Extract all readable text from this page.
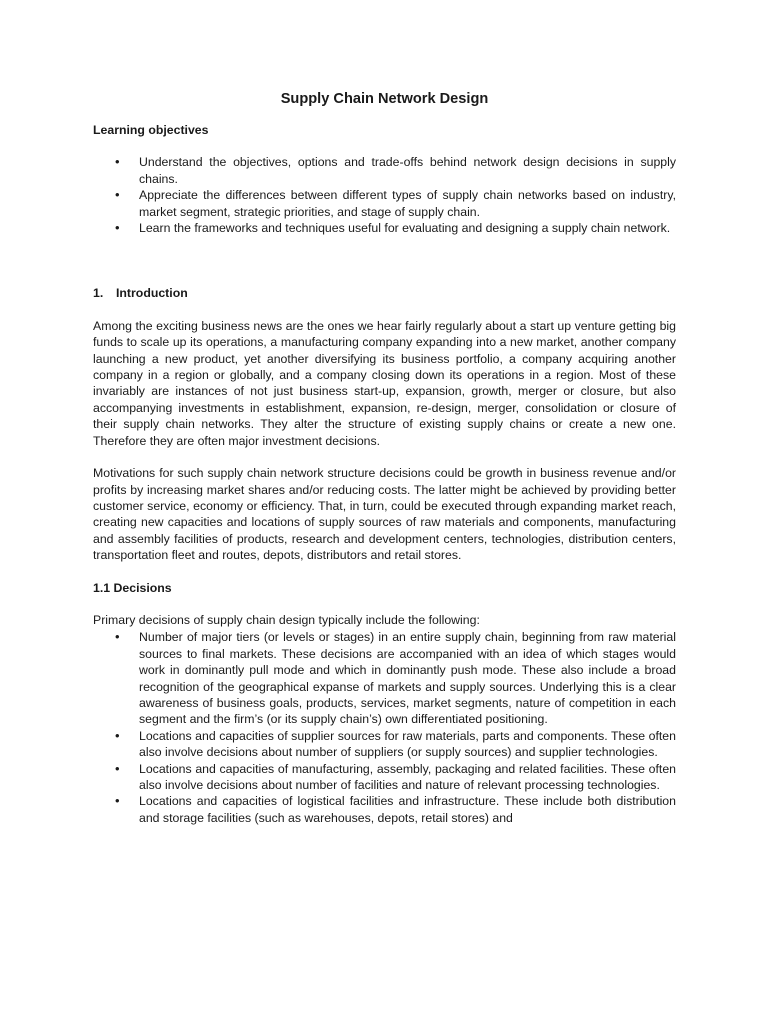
Supply Chain Network Design
Learning objectives
• Understand the objectives, options and trade-offs behind network design decisions in supply chains.
• Appreciate the differences between different types of supply chain networks based on industry, market segment, strategic priorities, and stage of supply chain.
• Learn the frameworks and techniques useful for evaluating and designing a supply chain network.
1. Introduction

Among the exciting business news are the ones we hear fairly regularly about a start up venture getting big funds to scale up its operations, a manufacturing company expanding into a new market, another company launching a new product, yet another diversifying its business portfolio, a company acquiring another company in a region or globally, and a company closing down its operations in a region. Most of these invariably are instances of not just business start-up, expansion, growth, merger or closure, but also accompanying investments in establishment, expansion, re-design, merger, consolidation or closure of their supply chain networks. They alter the structure of existing supply chains or create a new one. Therefore they are often major investment decisions.

Motivations for such supply chain network structure decisions could be growth in business revenue and/or profits by increasing market shares and/or reducing costs. The latter might be achieved by providing better customer service, economy or efficiency. That, in turn, could be executed through expanding market reach, creating new capacities and locations of supply sources of raw materials and components, manufacturing and assembly facilities of products, research and development centers, technologies, distribution centers, transportation fleet and routes, depots, distributors and retail stores.

1.1 Decisions

Primary decisions of supply chain design typically include the following:

• Number of major tiers (or levels or stages) in an entire supply chain, beginning from raw material sources to final markets. These decisions are accompanied with an idea of which stages would work in dominantly pull mode and which in dominantly push mode. These also include a broad recognition of the geographical expanse of markets and supply sources. Underlying this is a clear awareness of business goals, products, services, market segments, nature of competition in each segment and the firm’s (or its supply chain’s) own differentiated positioning.
• Locations and capacities of supplier sources for raw materials, parts and components. These often also involve decisions about number of suppliers (or supply sources) and supplier technologies.
• Locations and capacities of manufacturing, assembly, packaging and related facilities. These often also involve decisions about number of facilities and nature of relevant processing technologies.
• Locations and capacities of logistical facilities and infrastructure. These include both distribution and storage facilities (such as warehouses, depots, retail stores) and
